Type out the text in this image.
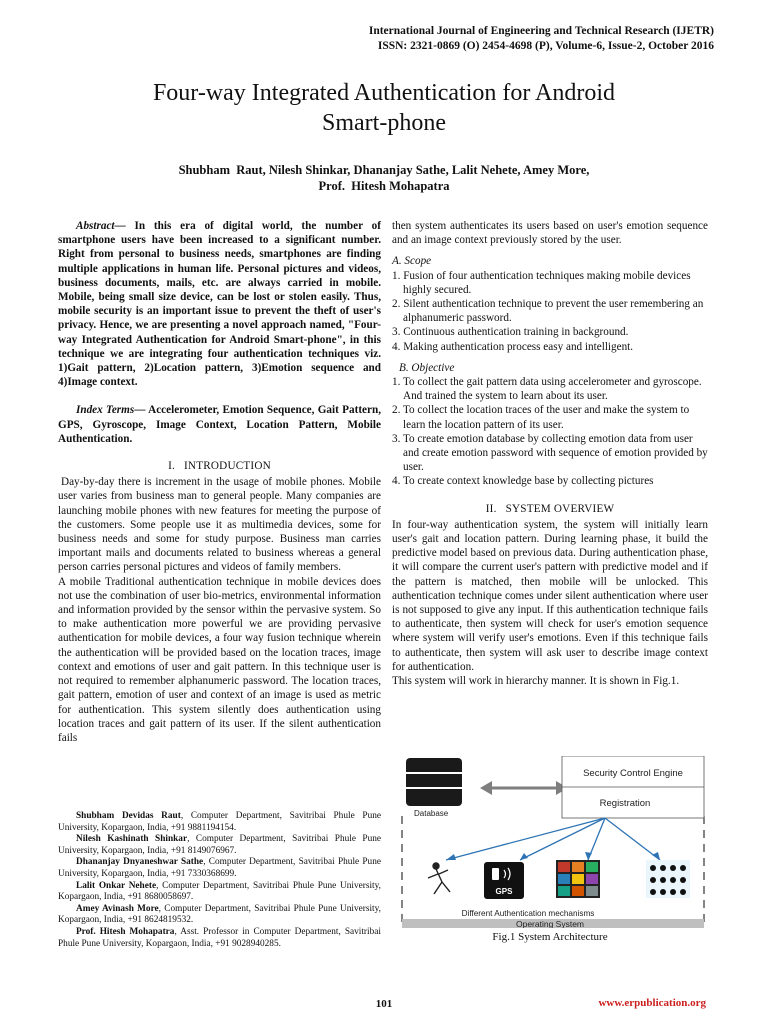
International Journal of Engineering and Technical Research (IJETR)
ISSN: 2321-0869 (O) 2454-4698 (P), Volume-6, Issue-2, October 2016
Four-way Integrated Authentication for Android
Smart-phone
Shubham  Raut, Nilesh Shinkar, Dhananjay Sathe, Lalit Nehete, Amey More,
Prof.  Hitesh Mohapatra

Abstract— In this era of digital world, the number of smartphone users have been increased to a significant number. Right from personal to business needs, smartphones are finding multiple applications in human life. Personal pictures and videos, business documents, mails, etc. are always carried in mobile. Mobile, being small size device, can be lost or stolen easily. Thus, mobile security is an important issue to prevent the theft of user's privacy. Hence, we are presenting a novel approach named, "Four-way Integrated Authentication for Android Smart-phone", in this technique we are integrating four authentication techniques viz. 1)Gait pattern, 2)Location pattern, 3)Emotion sequence and 4)Image context.

Index Terms— Accelerometer, Emotion Sequence, Gait Pattern, GPS, Gyroscope, Image Context, Location Pattern, Mobile Authentication.

I.   INTRODUCTION

Day-by-day there is increment in the usage of mobile phones. Mobile user varies from business man to general people. Many companies are launching mobile phones with new features for meeting the purpose of the customers. Some people use it as multimedia devices, some for business needs and some for study purpose. Business man carries important mails and documents related to business whereas a general person carries personal pictures and videos of family members.

A mobile Traditional authentication technique in mobile devices does not use the combination of user bio-metrics, environmental information and information provided by the sensor within the pervasive system. So to make authentication more powerful we are providing pervasive authentication for mobile devices, a four way fusion technique wherein the authentication will be provided based on the location traces, image context and emotions of user and gait pattern. In this technique user is not required to remember alphanumeric password. The location traces, gait pattern, emotion of user and context of an image is used as metric for authentication. This system silently does authentication using location traces and gait pattern of its user. If the silent authentication fails

Shubham Devidas Raut, Computer Department, Savitribai Phule Pune University, Kopargaon, India, +91 9881194154.

Nilesh Kashinath Shinkar, Computer Department, Savitribai Phule Pune University, Kopargaon, India, +91 8149076967.

Dhananjay Dnyaneshwar Sathe, Computer Department, Savitribai Phule Pune University, Kopargaon, India, +91 7330368699.

Lalit Onkar Nehete, Computer Department, Savitribai Phule Pune University, Kopargaon, India, +91 8680058697.

Amey Avinash More, Computer Department, Savitribai Phule Pune University, Kopargaon, India, +91 8624819532.

Prof. Hitesh Mohapatra, Asst. Professor in Computer Department, Savitribai Phule Pune University, Kopargaon, India, +91 9028940285.

then system authenticates its users based on user's emotion sequence and an image context previously stored by the user.

A. Scope
1. Fusion of four authentication techniques making mobile devices highly secured.
2. Silent authentication technique to prevent the user remembering an alphanumeric password.
3. Continuous authentication training in background.
4. Making authentication process easy and intelligent.
B. Objective
1. To collect the gait pattern data using accelerometer and gyroscope. And trained the system to learn about its user.
2. To collect the location traces of the user and make the system to learn the location pattern of its user.
3. To create emotion database by collecting emotion data from user and create emotion password with sequence of emotion provided by user.
4. To create context knowledge base by collecting pictures
II.   SYSTEM OVERVIEW

In four-way authentication system, the system will initially learn user's gait and location pattern. During learning phase, it build the predictive model based on previous data. During authentication phase, it will compare the current user's pattern with predictive model and if the pattern is matched, then mobile will be unlocked. This authentication technique comes under silent authentication where user is not supposed to give any input. If this authentication technique fails to authenticate, then system will check for user's emotion sequence where system will verify user's emotions. Even if this technique fails to authenticate, then system will ask user to describe image context for authentication.

This system will work in hierarchy manner. It is shown in Fig.1.

Database
Security Control Engine
Registration
GPS
Different Authentication mechanisms
Operating System
Fig.1 System Architecture
101	www.erpublication.org
